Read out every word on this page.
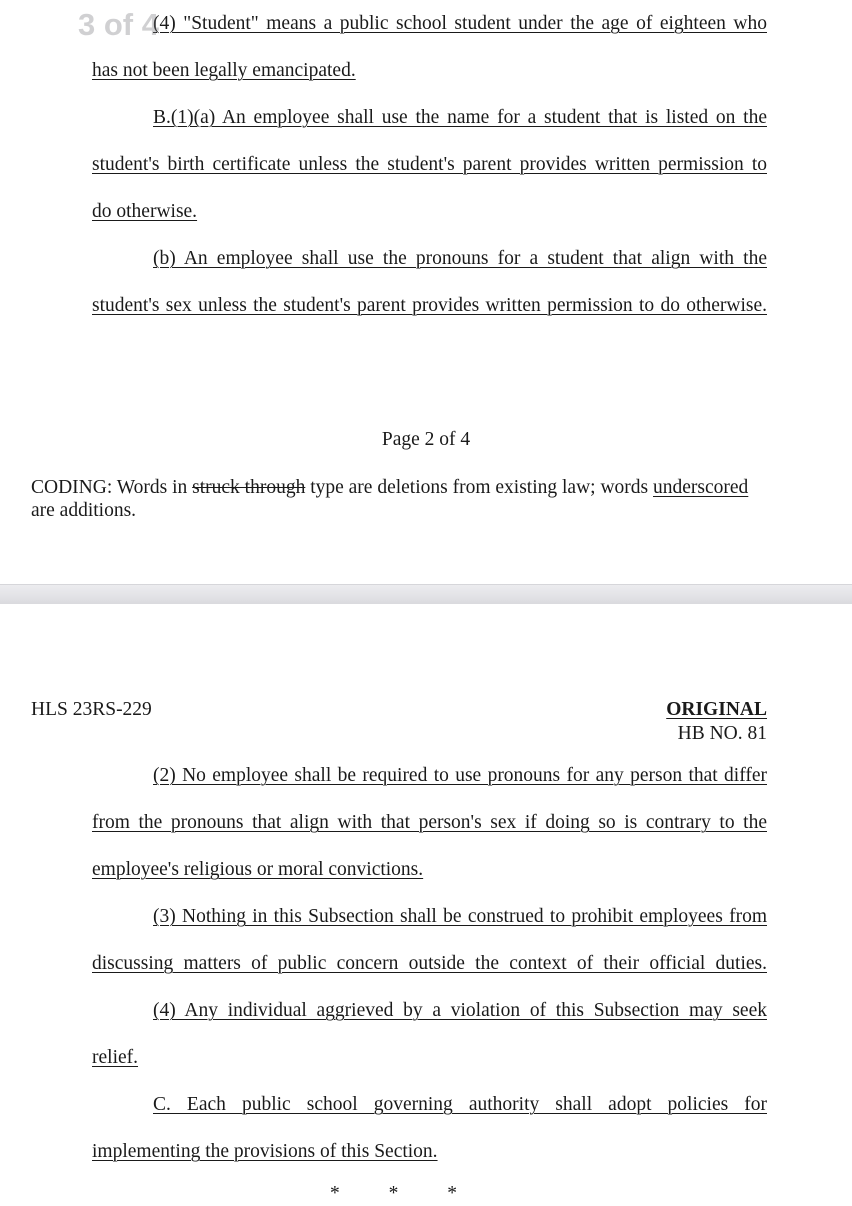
(4) "Student" means a public school student under the age of eighteen who

has not been legally emancipated.

B.(1)(a) An employee shall use the name for a student that is listed on the

student's birth certificate unless the student's parent provides written permission to

do otherwise.

(b) An employee shall use the pronouns for a student that align with the

student's sex unless the student's parent provides written permission to do otherwise.

Page 2 of 4
CODING: Words in struck through type are deletions from existing law; words underscored are additions.
3 of 4
HLS 23RS-229	ORIGINAL
HB NO. 81

(2) No employee shall be required to use pronouns for any person that differ

from the pronouns that align with that person's sex if doing so is contrary to the

employee's religious or moral convictions.

(3) Nothing in this Subsection shall be construed to prohibit employees from

discussing matters of public concern outside the context of their official duties.

(4) Any individual aggrieved by a violation of this Subsection may seek

relief.

C. Each public school governing authority shall adopt policies for

implementing the provisions of this Section.

* * *
